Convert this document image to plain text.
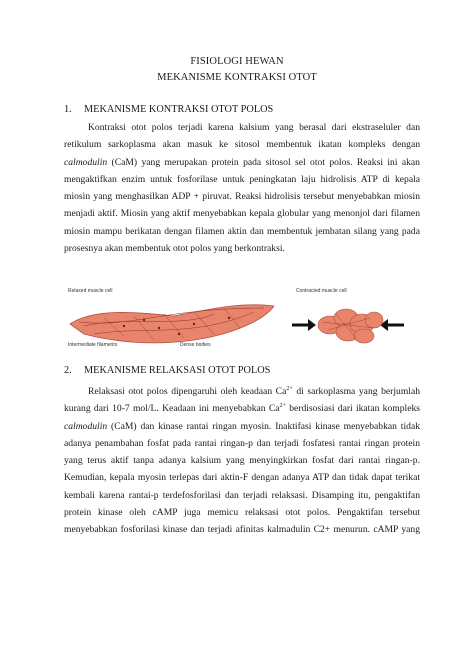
FISIOLOGI HEWAN
MEKANISME KONTRAKSI OTOT
1. MEKANISME KONTRAKSI OTOT POLOS
Kontraksi otot polos terjadi karena kalsium yang berasal dari ekstraseluler dan
retikulum sarkoplasma akan masuk ke sitosol membentuk ikatan kompleks dengan
calmodulin (CaM) yang merupakan protein pada sitosol sel otot polos. Reaksi ini akan
mengaktifkan enzim untuk fosforilase untuk peningkatan laju hidrolisis ATP di kepala
miosin yang menghasilkan ADP + piruvat. Reaksi hidrolisis tersebut menyebabkan miosin
menjadi aktif. Miosin yang aktif menyebabkan kepala globular yang menonjol dari filamen
miosin mampu berikatan dengan filamen aktin dan membentuk jembatan silang yang pada
prosesnya akan membentuk otot polos yang berkontraksi.
Relaxed muscle cell	Contracted muscle cell
Intermediate filaments	Dense bodies
2. MEKANISME RELAKSASI OTOT POLOS
Relaksasi otot polos dipengaruhi oleh keadaan $Ca^{2+}$ di sarkoplasma yang berjumlah
kurang dari 10-7 mol/L. Keadaan ini menyebabkan $Ca^{2+}$ berdisosiasi dari ikatan kompleks
calmodulin (CaM) dan kinase rantai ringan myosin. Inaktifasi kinase menyebabkan tidak
adanya penambahan fosfat pada rantai ringan-p dan terjadi fosfatesi rantai ringan protein
yang terus aktif tanpa adanya kalsium yang menyingkirkan fosfat dari rantai ringan-p.
Kemudian, kepala myosin terlepas dari aktin-F dengan adanya ATP dan tidak dapat terikat
kembali karena rantai-p terdefosforilasi dan terjadi relaksasi. Disamping itu, pengaktifan
protein kinase oleh cAMP juga memicu relaksasi otot polos. Pengaktifan tersebut
menyebabkan fosforilasi kinase dan terjadi afinitas kalmadulin C2+ menurun. cAMP yang
